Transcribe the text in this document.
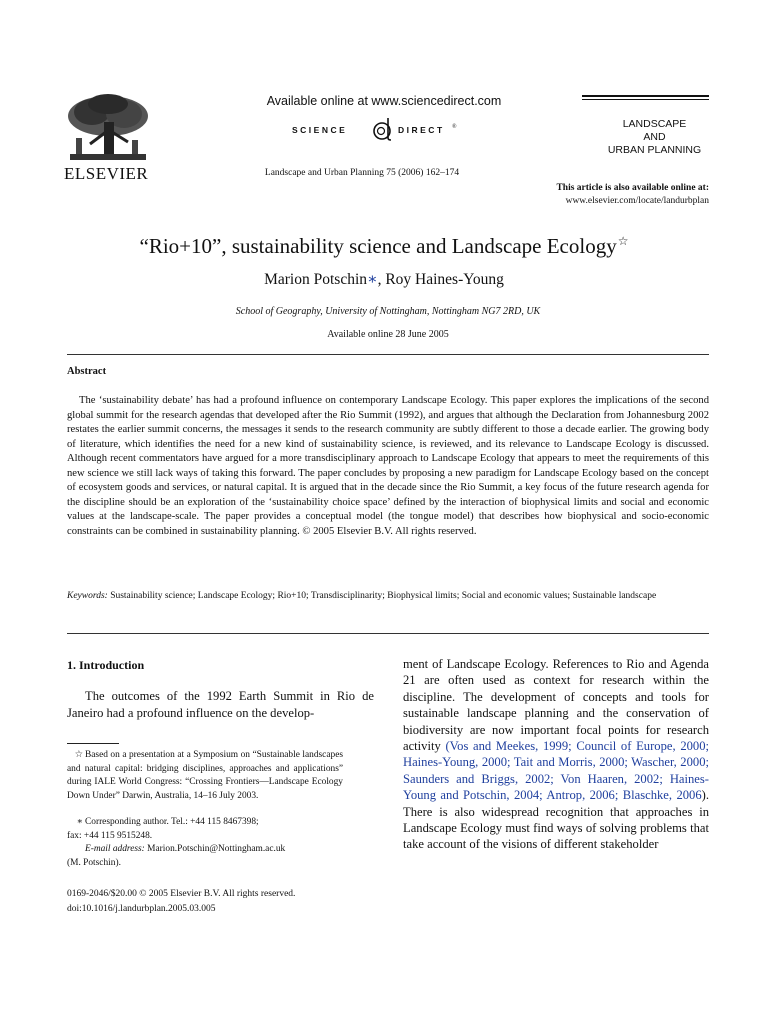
ELSEVIER
Available online at www.sciencedirect.com
SCIENCE	DIRECT ®
Landscape and Urban Planning 75 (2006) 162–174
LANDSCAPE
AND
URBAN PLANNING
This article is also available online at:
www.elsevier.com/locate/landurbplan
“Rio+10”, sustainability science and Landscape Ecology☆
Marion Potschin∗, Roy Haines-Young
School of Geography, University of Nottingham, Nottingham NG7 2RD, UK
Available online 28 June 2005
Abstract
The ‘sustainability debate’ has had a profound influence on contemporary Landscape Ecology. This paper explores the implications of the second global summit for the research agendas that developed after the Rio Summit (1992), and argues that although the Declaration from Johannesburg 2002 restates the earlier summit concerns, the messages it sends to the research community are subtly different to those a decade earlier. The growing body of literature, which identifies the need for a new kind of sustainability science, is reviewed, and its relevance to Landscape Ecology is discussed. Although recent commentators have argued for a more transdisciplinary approach to Landscape Ecology that appears to meet the requirements of this new science we still lack ways of taking this forward. The paper concludes by proposing a new paradigm for Landscape Ecology based on the concept of ecosystem goods and services, or natural capital. It is argued that in the decade since the Rio Summit, a key focus of the future research agenda for the discipline should be an exploration of the ‘sustainability choice space’ defined by the interaction of biophysical limits and social and economic values at the landscape-scale. The paper provides a conceptual model (the tongue model) that describes how biophysical and socio-economic constraints can be combined in sustainability planning. © 2005 Elsevier B.V. All rights reserved.
Keywords: Sustainability science; Landscape Ecology; Rio+10; Transdisciplinarity; Biophysical limits; Social and economic values; Sustainable landscape
1. Introduction
The outcomes of the 1992 Earth Summit in Rio de Janeiro had a profound influence on the develop-
ment of Landscape Ecology. References to Rio and Agenda 21 are often used as context for research within the discipline. The development of concepts and tools for sustainable landscape planning and the conservation of biodiversity are now important focal points for research activity (Vos and Meekes, 1999; Council of Europe, 2000; Haines-Young, 2000; Tait and Morris, 2000; Wascher, 2000; Saunders and Briggs, 2002; Von Haaren, 2002; Haines-Young and Potschin, 2004; Antrop, 2006; Blaschke, 2006). There is also widespread recognition that approaches in Landscape Ecology must find ways of solving problems that take account of the visions of different stakeholder
☆ Based on a presentation at a Symposium on “Sustainable landscapes and natural capital: bridging disciplines, approaches and applications” during IALE World Congress: “Crossing Frontiers—Landscape Ecology Down Under” Darwin, Australia, 14–16 July 2003.
∗ Corresponding author. Tel.: +44 115 8467398;
fax: +44 115 9515248.
E-mail address: Marion.Potschin@Nottingham.ac.uk
(M. Potschin).
0169-2046/$20.00 © 2005 Elsevier B.V. All rights reserved.
doi:10.1016/j.landurbplan.2005.03.005
